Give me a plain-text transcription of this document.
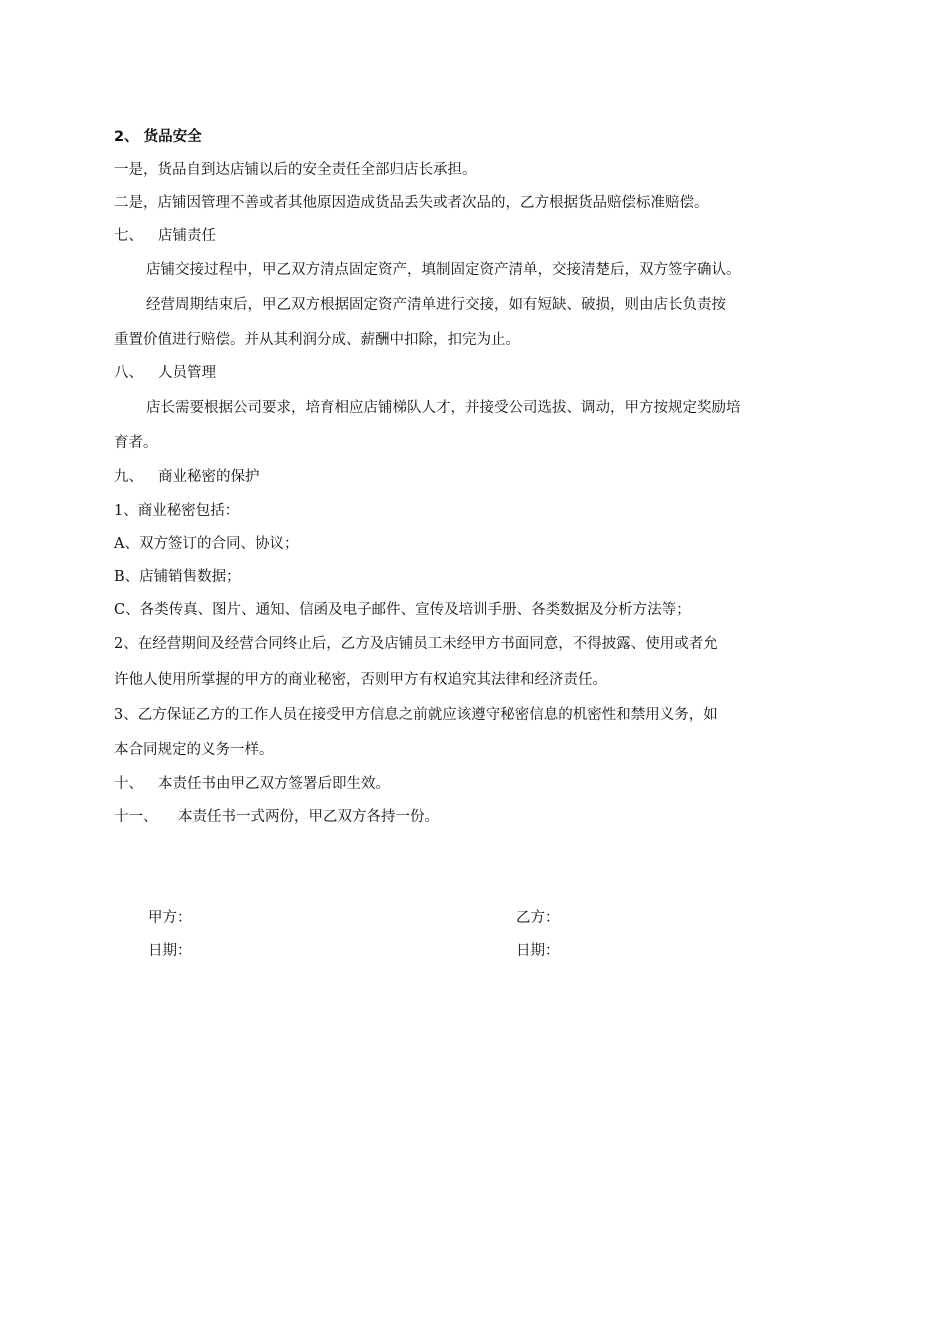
2、 货品安全
一是，货品自到达店铺以后的安全责任全部归店长承担。
二是，店铺因管理不善或者其他原因造成货品丢失或者次品的，乙方根据货品赔偿标准赔偿。
七、 店铺责任
店铺交接过程中，甲乙双方清点固定资产，填制固定资产清单，交接清楚后，双方签字确认。
经营周期结束后，甲乙双方根据固定资产清单进行交接，如有短缺、破损，则由店长负责按
重置价值进行赔偿。并从其利润分成、薪酬中扣除，扣完为止。
八、 人员管理
店长需要根据公司要求，培育相应店铺梯队人才，并接受公司选拔、调动，甲方按规定奖励培
育者。
九、 商业秘密的保护
1、商业秘密包括：
A、双方签订的合同、协议；
B、店铺销售数据；
C、各类传真、图片、通知、信函及电子邮件、宣传及培训手册、各类数据及分析方法等；
2、在经营期间及经营合同终止后，乙方及店铺员工未经甲方书面同意，不得披露、使用或者允
许他人使用所掌握的甲方的商业秘密，否则甲方有权追究其法律和经济责任。
3、乙方保证乙方的工作人员在接受甲方信息之前就应该遵守秘密信息的机密性和禁用义务，如
本合同规定的义务一样。
十、 本责任书由甲乙双方签署后即生效。
十一、 本责任书一式两份，甲乙双方各持一份。
甲方：	乙方：
日期：	日期：
